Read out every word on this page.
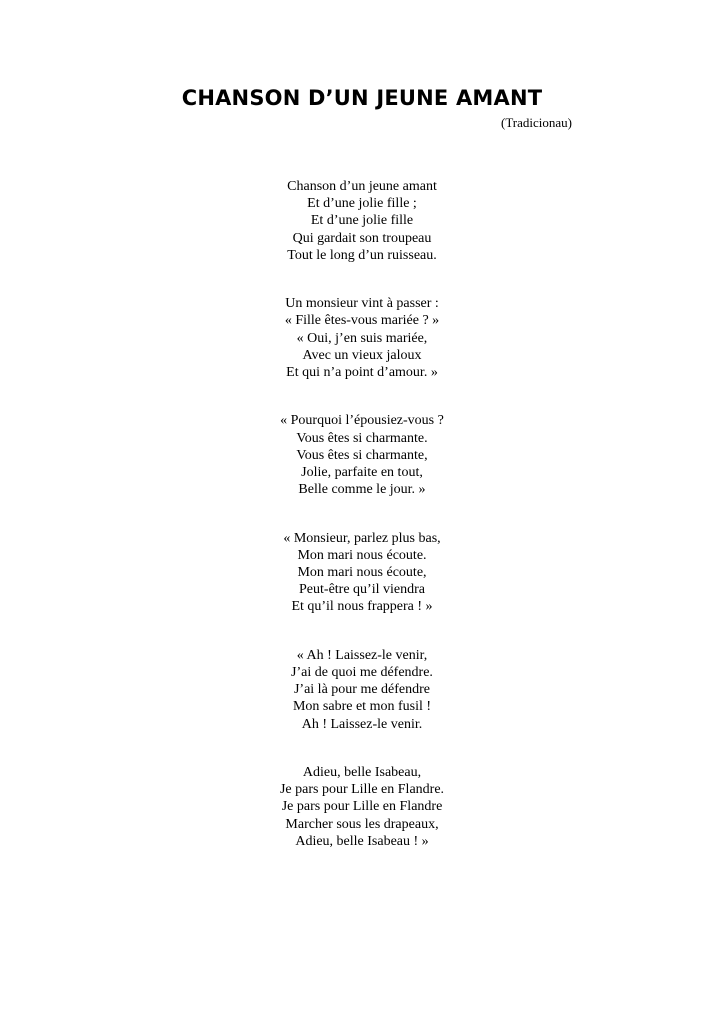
CHANSON D’UN JEUNE AMANT

(Tradicionau)

Chanson d’un jeune amant
Et d’une jolie fille ;
Et d’une jolie fille
Qui gardait son troupeau
Tout le long d’un ruisseau.
Un monsieur vint à passer :
« Fille êtes-vous mariée ? »
« Oui, j’en suis mariée,
Avec un vieux jaloux
Et qui n’a point d’amour. »
« Pourquoi l’épousiez-vous ?
Vous êtes si charmante.
Vous êtes si charmante,
Jolie, parfaite en tout,
Belle comme le jour. »
« Monsieur, parlez plus bas,
Mon mari nous écoute.
Mon mari nous écoute,
Peut-être qu’il viendra
Et qu’il nous frappera ! »
« Ah ! Laissez-le venir,
J’ai de quoi me défendre.
J’ai là pour me défendre
Mon sabre et mon fusil !
Ah ! Laissez-le venir.
Adieu, belle Isabeau,
Je pars pour Lille en Flandre.
Je pars pour Lille en Flandre
Marcher sous les drapeaux,
Adieu, belle Isabeau ! »
